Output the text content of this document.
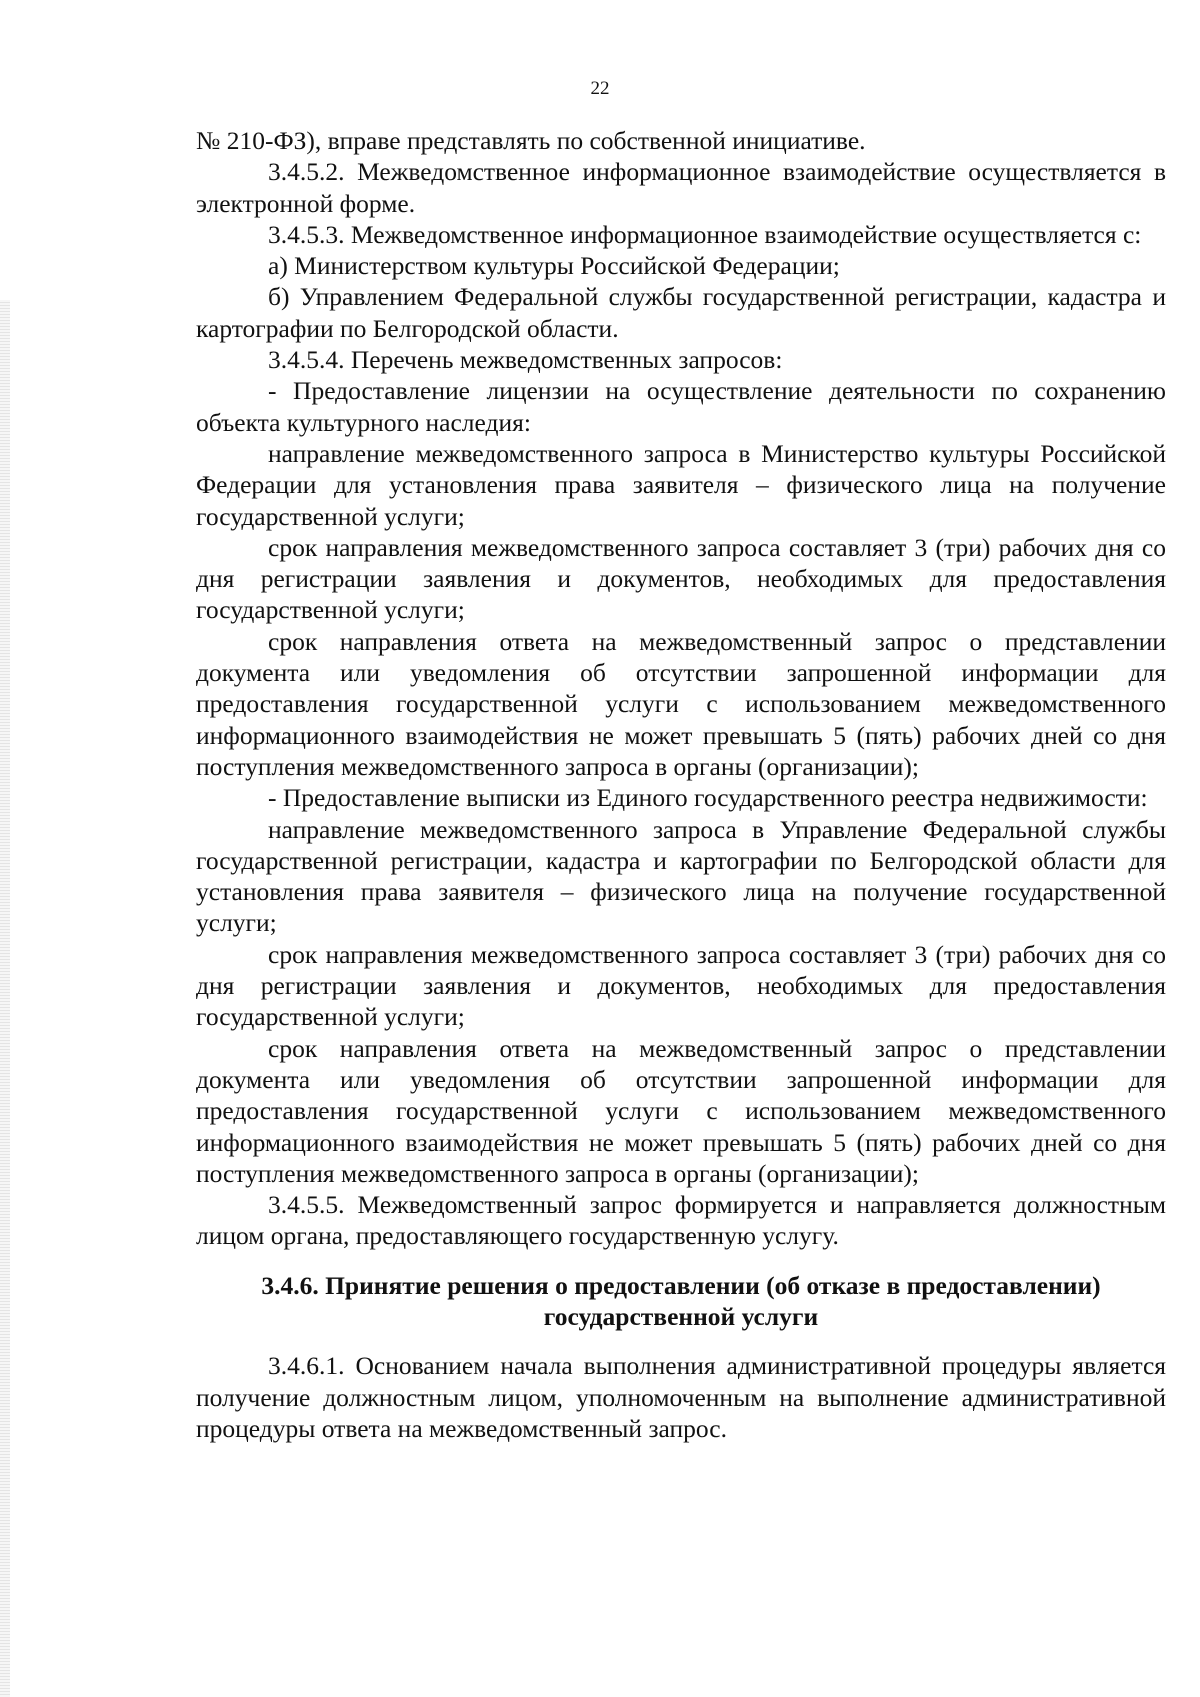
22

№ 210-ФЗ), вправе представлять по собственной инициативе.

3.4.5.2. Межведомственное информационное взаимодействие осуществляется в электронной форме.

3.4.5.3. Межведомственное информационное взаимодействие осуществляется с:

а) Министерством культуры Российской Федерации;

б) Управлением Федеральной службы государственной регистрации, кадастра и картографии по Белгородской области.

3.4.5.4. Перечень межведомственных запросов:

- Предоставление лицензии на осуществление деятельности по сохранению объекта культурного наследия:

направление межведомственного запроса в Министерство культуры Российской Федерации для установления права заявителя – физического лица на получение государственной услуги;

срок направления межведомственного запроса составляет 3 (три) рабочих дня со дня регистрации заявления и документов, необходимых для предоставления государственной услуги;

срок направления ответа на межведомственный запрос о представлении документа или уведомления об отсутствии запрошенной информации для предоставления государственной услуги с использованием межведомственного информационного взаимодействия не может превышать 5 (пять) рабочих дней со дня поступления межведомственного запроса в органы (организации);

- Предоставление выписки из Единого государственного реестра недвижимости:

направление межведомственного запроса в Управление Федеральной службы государственной регистрации, кадастра и картографии по Белгородской области для установления права заявителя – физического лица на получение государственной услуги;

срок направления межведомственного запроса составляет 3 (три) рабочих дня со дня регистрации заявления и документов, необходимых для предоставления государственной услуги;

срок направления ответа на межведомственный запрос о представлении документа или уведомления об отсутствии запрошенной информации для предоставления государственной услуги с использованием межведомственного информационного взаимодействия не может превышать 5 (пять) рабочих дней со дня поступления межведомственного запроса в органы (организации);

3.4.5.5. Межведомственный запрос формируется и направляется должностным лицом органа, предоставляющего государственную услугу.

3.4.6. Принятие решения о предоставлении (об отказе в предоставлении)
государственной услуги

3.4.6.1. Основанием начала выполнения административной процедуры является получение должностным лицом, уполномоченным на выполнение административной процедуры ответа на межведомственный запрос.
